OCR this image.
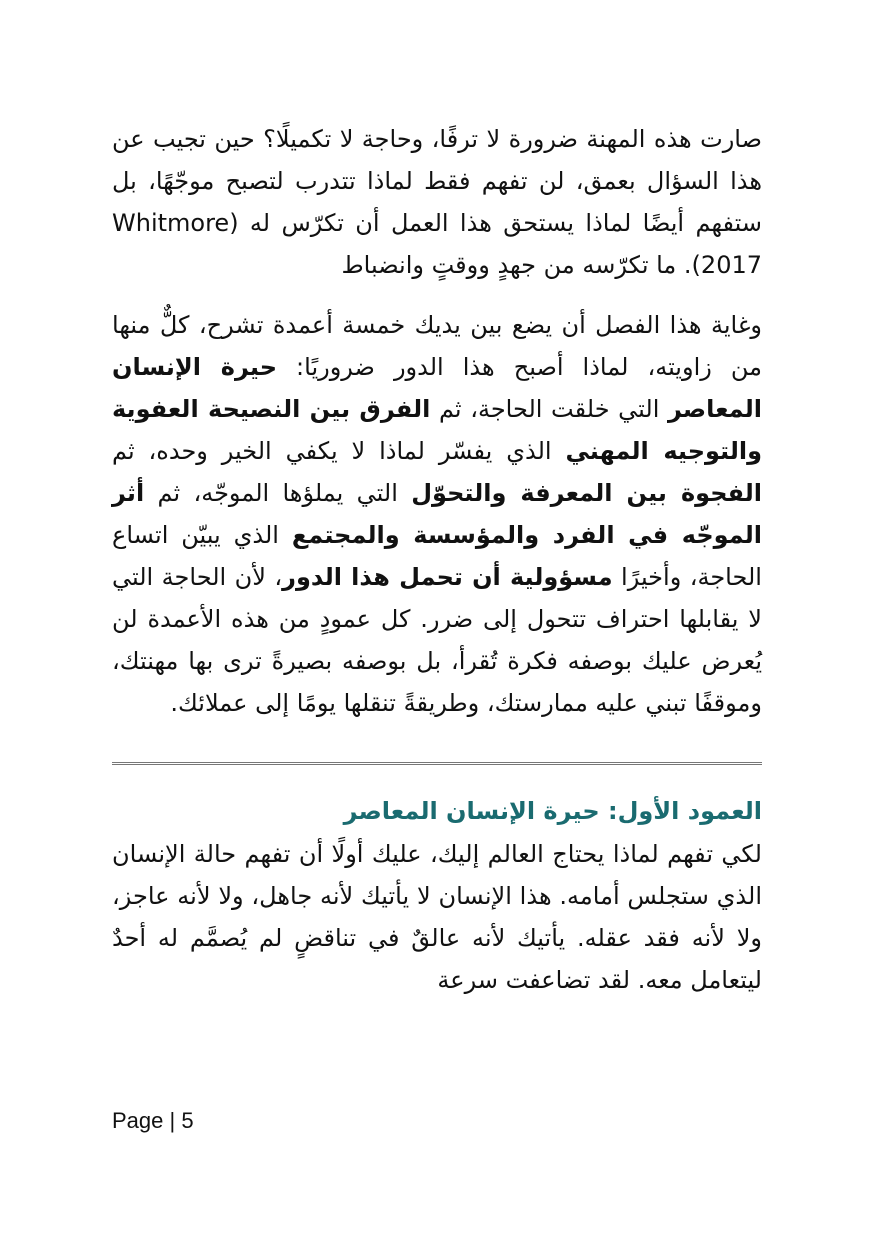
صارت هذه المهنة ضرورة لا ترفًا، وحاجة لا تكميلًا؟ حين تجيب عن هذا السؤال بعمق، لن تفهم فقط لماذا تتدرب لتصبح موجّهًا، بل ستفهم أيضًا لماذا يستحق هذا العمل أن تكرّس له (Whitmore 2017). ما تكرّسه من جهدٍ ووقتٍ وانضباط

وغاية هذا الفصل أن يضع بين يديك خمسة أعمدة تشرح، كلٌّ منها من زاويته، لماذا أصبح هذا الدور ضروريًا: حيرة الإنسان المعاصر التي خلقت الحاجة، ثم الفرق بين النصيحة العفوية والتوجيه المهني الذي يفسّر لماذا لا يكفي الخير وحده، ثم الفجوة بين المعرفة والتحوّل التي يملؤها الموجّه، ثم أثر الموجّه في الفرد والمؤسسة والمجتمع الذي يبيّن اتساع الحاجة، وأخيرًا مسؤولية أن تحمل هذا الدور، لأن الحاجة التي لا يقابلها احتراف تتحول إلى ضرر. كل عمودٍ من هذه الأعمدة لن يُعرض عليك بوصفه فكرة تُقرأ، بل بوصفه بصيرةً ترى بها مهنتك، وموقفًا تبني عليه ممارستك، وطريقةً تنقلها يومًا إلى عملائك.

العمود الأول: حيرة الإنسان المعاصر

لكي تفهم لماذا يحتاج العالم إليك، عليك أولًا أن تفهم حالة الإنسان الذي ستجلس أمامه. هذا الإنسان لا يأتيك لأنه جاهل، ولا لأنه عاجز، ولا لأنه فقد عقله. يأتيك لأنه عالقٌ في تناقضٍ لم يُصمَّم له أحدٌ ليتعامل معه. لقد تضاعفت سرعة

Page | 5
